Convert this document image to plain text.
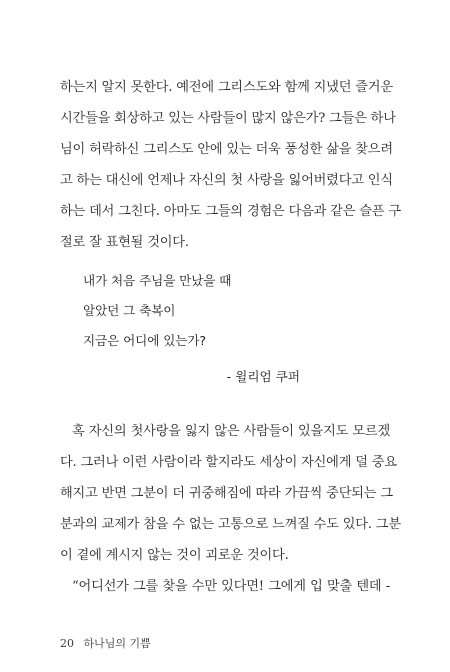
하는지 알지 못한다. 예전에 그리스도와 함께 지냈던 즐거운
시간들을 회상하고 있는 사람들이 많지 않은가? 그들은 하나
님이 허락하신 그리스도 안에 있는 더욱 풍성한 삶을 찾으려
고 하는 대신에 언제나 자신의 첫 사랑을 잃어버렸다고 인식
하는 데서 그친다. 아마도 그들의 경험은 다음과 같은 슬픈 구
절로 잘 표현될 것이다.
내가 처음 주님을 만났을 때
알았던 그 축복이
지금은 어디에 있는가?
- 윌리엄 쿠퍼
혹 자신의 첫사랑을 잃지 않은 사람들이 있을지도 모르겠
다. 그러나 이런 사람이라 할지라도 세상이 자신에게 덜 중요
해지고 반면 그분이 더 귀중해짐에 따라 가끔씩 중단되는 그
분과의 교제가 참을 수 없는 고통으로 느껴질 수도 있다. 그분
이 곁에 계시지 않는 것이 괴로운 것이다.
“어디선가 그를 찾을 수만 있다면! 그에게 입 맞출 텐데 -
20 하나님의 기쁨
